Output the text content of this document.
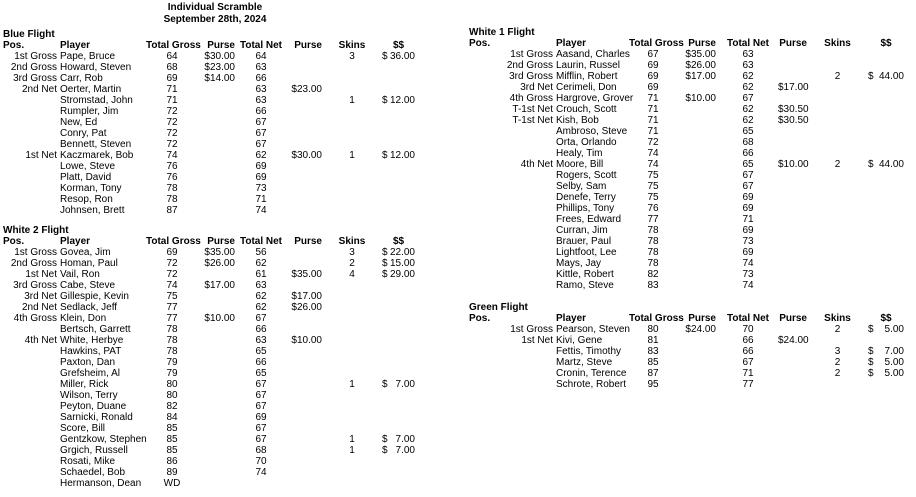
Individual Scramble
September 28th, 2024
Blue Flight
Pos.	Player	Total Gross	Purse	Total Net	Purse	Skins	$$
1st Gross	Pape, Bruce	64	$30.00	64		3	$ 36.00

2nd Gross	Howard, Steven	68	$23.00	63			
3rd Gross	Carr, Rob	69	$14.00	66			
2nd Net	Oerter, Martin	71		63	$23.00		
	Stromstad, John	71		63		1	$ 12.00

	Rumpler, Jim	72		66			
	New, Ed	72		67			
	Conry, Pat	72		67			
	Bennett, Steven	72		67			
1st Net	Kaczmarek, Bob	74		62	$30.00	1	$ 12.00

	Lowe, Steve	76		69			
	Platt, David	76		69			
	Korman, Tony	78		73			
	Resop, Ron	78		71			
	Johnsen, Brett	87		74			
White 2 Flight
Pos.	Player	Total Gross	Purse	Total Net	Purse	Skins	$$
1st Gross	Govea, Jim	69	$35.00	56		3	$ 22.00

2nd Gross	Homan, Paul	72	$26.00	62		2	$ 15.00

1st Net	Vail, Ron	72		61	$35.00	4	$ 29.00

3rd Gross	Cabe, Steve	74	$17.00	63			
3rd Net	Gillespie, Kevin	75		62	$17.00		
2nd Net	Sedlack, Jeff	77		62	$26.00		
4th Gross	Klein, Don	77	$10.00	67			
	Bertsch, Garrett	78		66			
4th Net	White, Herbye	78		63	$10.00		
	Hawkins, PAT	78		65			
	Paxton, Dan	79		66			
	Grefsheim, Al	79		65			
	Miller, Rick	80		67		1	$ 7.00

	Wilson, Terry	80		67			
	Peyton, Duane	82		67			
	Sarnicki, Ronald	84		69			
	Score, Bill	85		67			
	Gentzkow, Stephen	85		67		1	$ 7.00

	Grgich, Russell	85		68		1	$ 7.00

	Rosati, Mike	86		70			
	Schaedel, Bob	89		74			
	Hermanson, Dean	WD					
White 1 Flight
Pos.	Player	Total Gross	Purse	Total Net	Purse	Skins	$$
1st Gross	Aasand, Charles	67	$35.00	63			
2nd Gross	Laurin, Russel	69	$26.00	63			
3rd Gross	Mifflin, Robert	69	$17.00	62		2	$ 44.00

3rd Net	Cerimeli, Don	69		62	$17.00		
4th Gross	Hargrove, Grover	71	$10.00	67			
T-1st Net	Crouch, Scott	71		62	$30.50		
T-1st Net	Kish, Bob	71		62	$30.50		
	Ambroso, Steve	71		65			
	Orta, Orlando	72		68			
	Healy, Tim	74		66			
4th Net	Moore, Bill	74		65	$10.00	2	$ 44.00

	Rogers, Scott	75		67			
	Selby, Sam	75		67			
	Denefe, Terry	75		69			
	Phillips, Tony	76		69			
	Frees, Edward	77		71			
	Curran, Jim	78		69			
	Brauer, Paul	78		73			
	Lightfoot, Lee	78		69			
	Mays, Jay	78		74			
	Kittle, Robert	82		73			
	Ramo, Steve	83		74			
Green Flight
Pos.	Player	Total Gross	Purse	Total Net	Purse	Skins	$$
1st Gross	Pearson, Steven	80	$24.00	70		2	$ 5.00

1st Net	Kivi, Gene	81		66	$24.00		
	Fettis, Timothy	83		66		3	$ 7.00

	Martz, Steve	85		67		2	$ 5.00

	Cronin, Terence	87		71		2	$ 5.00

	Schrote, Robert	95		77			
